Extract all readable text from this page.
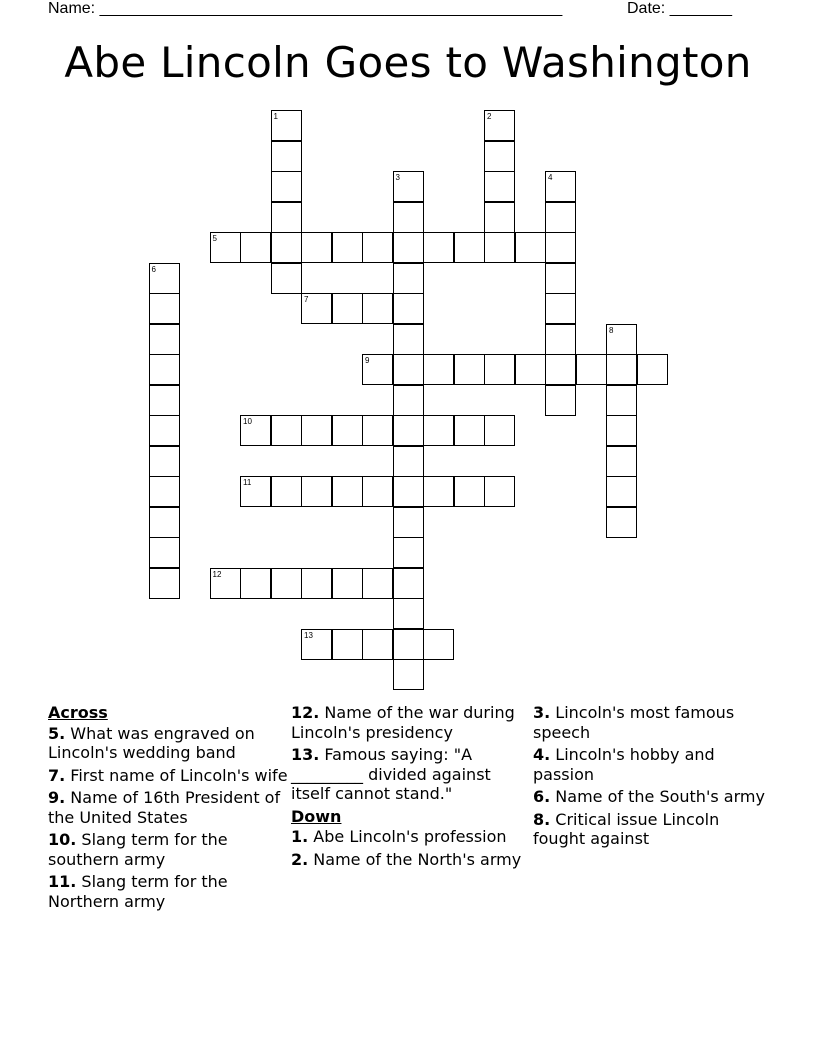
Name: ____________________________________________________

	Date: _______

Abe Lincoln Goes to Washington
1	2
3	4
5
6
7
8
9
10
11
12
13
Across
5. What was engraved on Lincoln's wedding band
7. First name of Lincoln's wife
9. Name of 16th President of the United States
10. Slang term for the southern army
11. Slang term for the Northern army
12. Name of the war during Lincoln's presidency
13. Famous saying: "A _________ divided against itself cannot stand."
Down
1. Abe Lincoln's profession
2. Name of the North's army
3. Lincoln's most famous speech
4. Lincoln's hobby and passion
6. Name of the South's army
8. Critical issue Lincoln fought against
